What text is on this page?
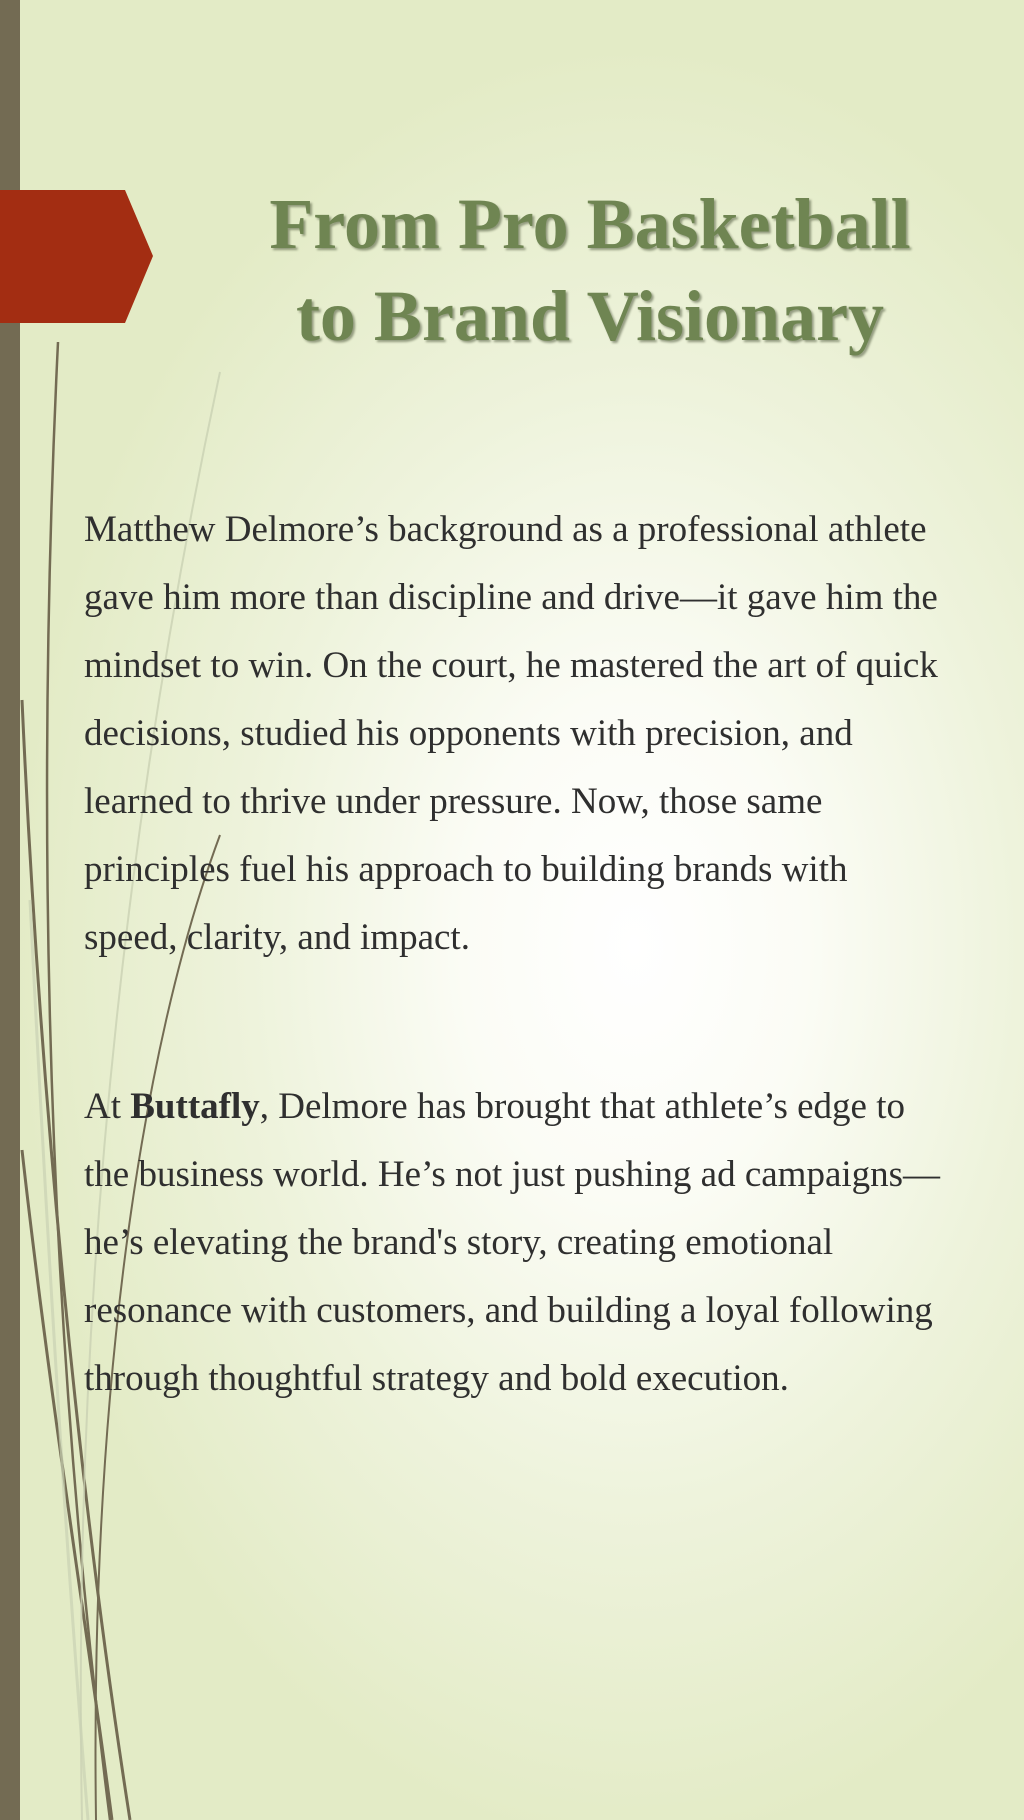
From Pro Basketball
to Brand Visionary

Matthew Delmore’s background as a professional athlete gave him more than discipline and drive—it gave him the mindset to win. On the court, he mastered the art of quick decisions, studied his opponents with precision, and learned to thrive under pressure. Now, those same principles fuel his approach to building brands with speed, clarity, and impact.

At Buttafly, Delmore has brought that athlete’s edge to the business world. He’s not just pushing ad campaigns—he’s elevating the brand's story, creating emotional resonance with customers, and building a loyal following through thoughtful strategy and bold execution.
